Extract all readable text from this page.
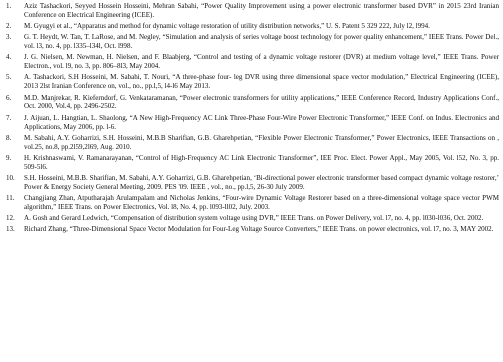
1.	Aziz Tashackori, Seyyed Hossein Hosseini, Mehran Sabahi, “Power Quality Improvement using a power electronic transformer based DVR” in 2015 23rd Iranian Conference on Electrical Engineering (ICEE).
2.	M. Gyugyi et al., “Apparatus and method for dynamic voltage restoration of utility distribution networks,” U. S. Patent 5 329 222, July l2, l994.
3.	G. T. Heydt, W. Tan, T. LaRose, and M. Negley, “Simulation and analysis of series voltage boost technology for power quality enhancement,” IEEE Trans. Power Del., vol. l3, no. 4, pp. l335–l34l, Oct. l998.
4.	J. G. Nielsen, M. Newman, H. Nielsen, and F. Blaabjerg, “Control and testing of a dynamic voltage restorer (DVR) at medium voltage level,” IEEE Trans. Power Electron., vol. l9, no. 3, pp. 806–8l3, May 2004.
5.	A. Tashackori, S.H Hosseini, M. Sabahi, T. Nouri, “A three-phase four- leg DVR using three dimensional space vector modulation,” Electrical Engineering (ICEE), 2013 2lst Iranian Conference on, vol., no., pp.l,5, l4-l6 May 2013.
6.	M.D. Manjrekar, R. Kieferndorf, G. Venkataramanan, “Power electronic transformers for utility applications,” IEEE Conference Record, Industry Applications Conf., Oct. 2000, Vol.4, pp. 2496-2502.
7.	J. Aijuan, L. Hangtian, L. Shaolong, “A New High-Frequency AC Link Three-Phase Four-Wire Power Electronic Transformer,” IEEE Conf. on Indus. Electronics and Applications, May 2006, pp. l-6.
8.	M. Sabahi, A.Y. Goharrizi, S.H. Hosseini, M.B.B Sharifian, G.B. Gharehpetian, “Flexible Power Electronic Transformer,” Power Electronics, IEEE Transactions on , vol.25, no.8, pp.2l59,2l69, Aug. 2010.
9.	H. Krishnaswami, V. Ramanarayanan, “Control of High-Frequency AC Link Electronic Transformer”, IEE Proc. Elect. Power Appl., May 2005, Vol. l52, No. 3, pp. 509-5l6.
10.	S.H. Hosseini, M.B.B. Sharifian, M. Sabahi, A.Y. Goharrizi, G.B. Gharehpetian, ‘Bi-directional power electronic transformer based compact dynamic voltage restorer,’ Power & Energy Society General Meeting, 2009. PES '09. IEEE , vol., no., pp.l,5, 26-30 July 2009.
11.	Changjiang Zhan, Atputharajah Arulampalam and Nicholas Jenkins, “Four-wire Dynamic Voltage Restorer based on a three-dimensional voltage space vector PWM algorithm,” IEEE Trans. on Power Electronics, Vol. l8, No. 4, pp. l093-ll02, July. 2003.
12.	A. Gosh and Gerard Ledwich, “Compensation of distribution system voltage using DVR,” IEEE Trans. on Power Delivery, vol. l7, no. 4, pp. l030-l036, Oct. 2002.
13.	Richard Zhang, “Three-Dimensional Space Vector Modulation for Four-Leg Voltage Source Converters,” IEEE Trans. on power electronics, vol. l7, no. 3, MAY 2002.
